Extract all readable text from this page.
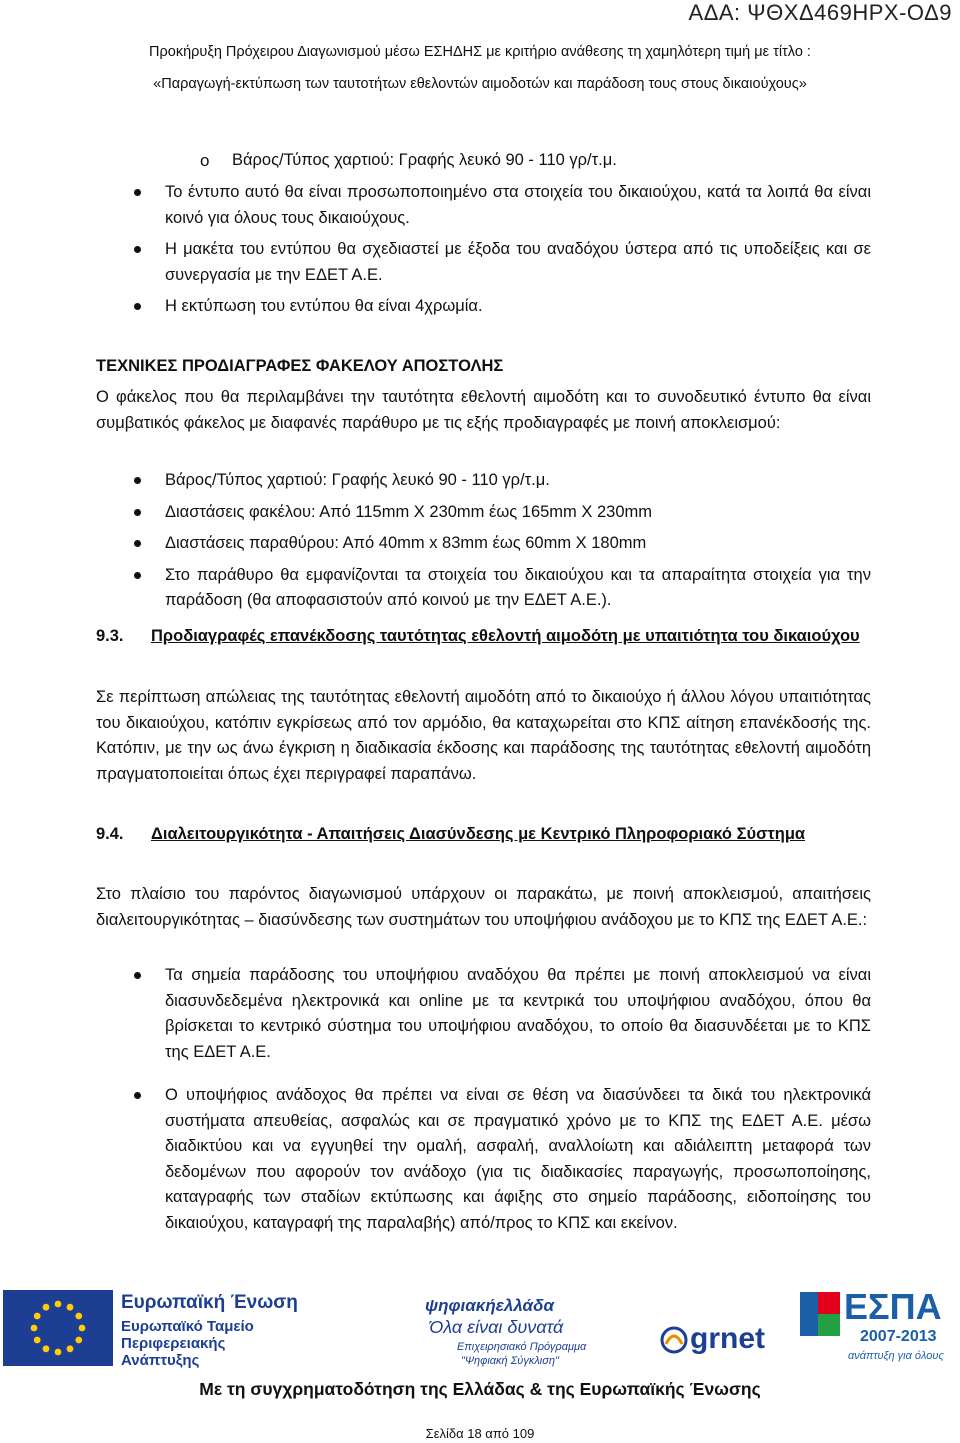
ΑΔΑ: ΨΘΧΔ469ΗΡΧ-ΟΔ9
Προκήρυξη Πρόχειρου Διαγωνισμού μέσω ΕΣΗΔΗΣ με κριτήριο ανάθεσης τη χαμηλότερη τιμή με τίτλο :
«Παραγωγή-εκτύπωση των ταυτοτήτων εθελοντών αιμοδοτών και παράδοση τους στους δικαιούχους»
o Βάρος/Τύπος χαρτιού: Γραφής λευκό 90 - 110 γρ/τ.μ.
Το έντυπο αυτό θα είναι προσωποποιημένο στα στοιχεία του δικαιούχου, κατά τα λοιπά θα είναι κοινό για όλους τους δικαιούχους.
Η μακέτα του εντύπου θα σχεδιαστεί με έξοδα του αναδόχου ύστερα από τις υποδείξεις και σε συνεργασία με την ΕΔΕΤ Α.Ε.
Η εκτύπωση του εντύπου θα είναι 4χρωμία.
ΤΕΧΝΙΚΕΣ ΠΡΟΔΙΑΓΡΑΦΕΣ ΦΑΚΕΛΟΥ ΑΠΟΣΤΟΛΗΣ
Ο φάκελος που θα περιλαμβάνει την ταυτότητα εθελοντή αιμοδότη και το συνοδευτικό έντυπο θα είναι συμβατικός φάκελος με διαφανές παράθυρο με τις εξής προδιαγραφές με ποινή αποκλεισμού:
Βάρος/Τύπος χαρτιού: Γραφής λευκό 90 - 110 γρ/τ.μ.
Διαστάσεις φακέλου: Από 115mm Χ 230mm έως 165mm Χ 230mm
Διαστάσεις παραθύρου: Από 40mm x 83mm έως 60mm Χ 180mm
Στο παράθυρο θα εμφανίζονται τα στοιχεία του δικαιούχου και τα απαραίτητα στοιχεία για την παράδοση (θα αποφασιστούν από κοινού με την ΕΔΕΤ Α.Ε.).
9.3. Προδιαγραφές επανέκδοσης ταυτότητας εθελοντή αιμοδότη με υπαιτιότητα του δικαιούχου
Σε περίπτωση απώλειας της ταυτότητας εθελοντή αιμοδότη από το δικαιούχο ή άλλου λόγου υπαιτιότητας του δικαιούχου, κατόπιν εγκρίσεως από τον αρμόδιο, θα καταχωρείται στο ΚΠΣ αίτηση επανέκδοσής της. Κατόπιν, με την ως άνω έγκριση η διαδικασία έκδοσης και παράδοσης της ταυτότητας εθελοντή αιμοδότη πραγματοποιείται όπως έχει περιγραφεί παραπάνω.
9.4. Διαλειτουργικότητα - Απαιτήσεις Διασύνδεσης με Κεντρικό Πληροφοριακό Σύστημα
Στο πλαίσιο του παρόντος διαγωνισμού υπάρχουν οι παρακάτω, με ποινή αποκλεισμού, απαιτήσεις διαλειτουργικότητας – διασύνδεσης των συστημάτων του υποψήφιου ανάδοχου με το ΚΠΣ της ΕΔΕΤ Α.Ε.:
Τα σημεία παράδοσης του υποψήφιου αναδόχου θα πρέπει με ποινή αποκλεισμού να είναι διασυνδεδεμένα ηλεκτρονικά και online με τα κεντρικά του υποψήφιου αναδόχου, όπου θα βρίσκεται το κεντρικό σύστημα του υποψήφιου αναδόχου, το οποίο θα διασυνδέεται με το ΚΠΣ της ΕΔΕΤ Α.Ε.
Ο υποψήφιος ανάδοχος θα πρέπει να είναι σε θέση να διασύνδεει τα δικά του ηλεκτρονικά συστήματα απευθείας, ασφαλώς και σε πραγματικό χρόνο με το ΚΠΣ της ΕΔΕΤ Α.Ε. μέσω διαδικτύου και να εγγυηθεί την ομαλή, ασφαλή, αναλλοίωτη και αδιάλειπτη μεταφορά των δεδομένων που αφορούν τον ανάδοχο (για τις διαδικασίες παραγωγής, προσωποποίησης, καταγραφής των σταδίων εκτύπωσης και άφιξης στο σημείο παράδοσης, ειδοποίησης του δικαιούχου, καταγραφή της παραλαβής) από/προς το ΚΠΣ και εκείνον.
Ευρωπαϊκή Ένωση
Ευρωπαϊκό Ταμείο
Περιφερειακής
Ανάπτυξης
ψηφιακήελλάδα
Όλα είναι δυνατά
Επιχειρησιακό Πρόγραμμα
"Ψηφιακή Σύγκλιση"
grnet
ΕΣΠΑ
2007-2013
ανάπτυξη για όλους
Με τη συγχρηματοδότηση της Ελλάδας & της Ευρωπαϊκής Ένωσης
Σελίδα 18 από 109
